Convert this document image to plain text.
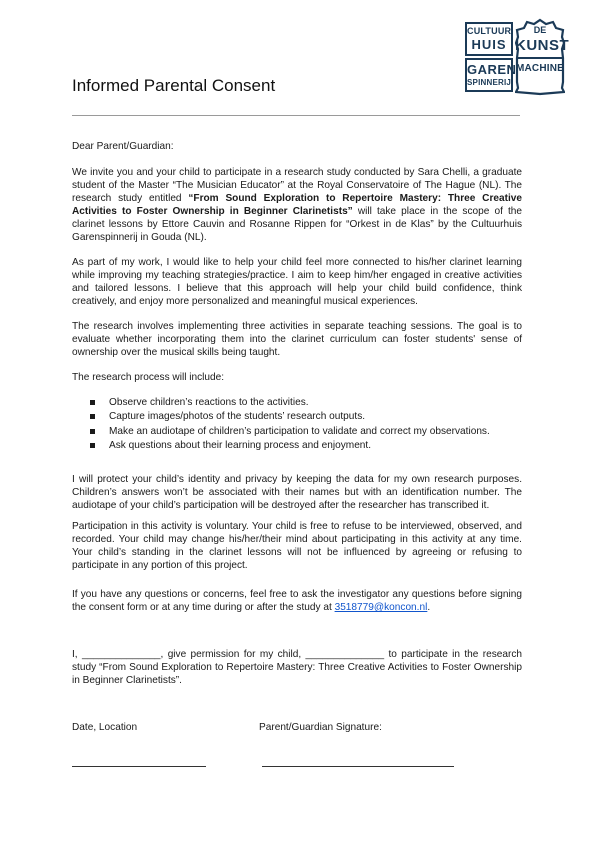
CULTUUR
HUIS
GAREN
SPINNERIJ
DE
KUNST
MACHINE
Informed Parental Consent

Dear Parent/Guardian:

We invite you and your child to participate in a research study conducted by Sara Chelli, a graduate student of the Master “The Musician Educator” at the Royal Conservatoire of The Hague (NL). The research study entitled “From Sound Exploration to Repertoire Mastery: Three Creative Activities to Foster Ownership in Beginner Clarinetists” will take place in the scope of the clarinet lessons by Ettore Cauvin and Rosanne Rippen for “Orkest in de Klas” by the Cultuurhuis Garenspinnerij in Gouda (NL).

As part of my work, I would like to help your child feel more connected to his/her clarinet learning while improving my teaching strategies/practice. I aim to keep him/her engaged in creative activities and tailored lessons. I believe that this approach will help your child build confidence, think creatively, and enjoy more personalized and meaningful musical experiences.

The research involves implementing three activities in separate teaching sessions. The goal is to evaluate whether incorporating them into the clarinet curriculum can foster students' sense of ownership over the musical skills being taught.

The research process will include:

Observe children’s reactions to the activities.
Capture images/photos of the students’ research outputs.
Make an audiotape of children’s participation to validate and correct my observations.
Ask questions about their learning process and enjoyment.

I will protect your child’s identity and privacy by keeping the data for my own research purposes. Children’s answers won’t be associated with their names but with an identification number. The audiotape of your child’s participation will be destroyed after the researcher has transcribed it.

Participation in this activity is voluntary. Your child is free to refuse to be interviewed, observed, and recorded. Your child may change his/her/their mind about participating in this activity at any time. Your child’s standing in the clarinet lessons will not be influenced by agreeing or refusing to participate in any portion of this project.

If you have any questions or concerns, feel free to ask the investigator any questions before signing the consent form or at any time during or after the study at 3518779@koncon.nl.

I, ______________, give permission for my child, ______________ to participate in the research study “From Sound Exploration to Repertoire Mastery: Three Creative Activities to Foster Ownership in Beginner Clarinetists”.

Date, Location	Parent/Guardian Signature:
